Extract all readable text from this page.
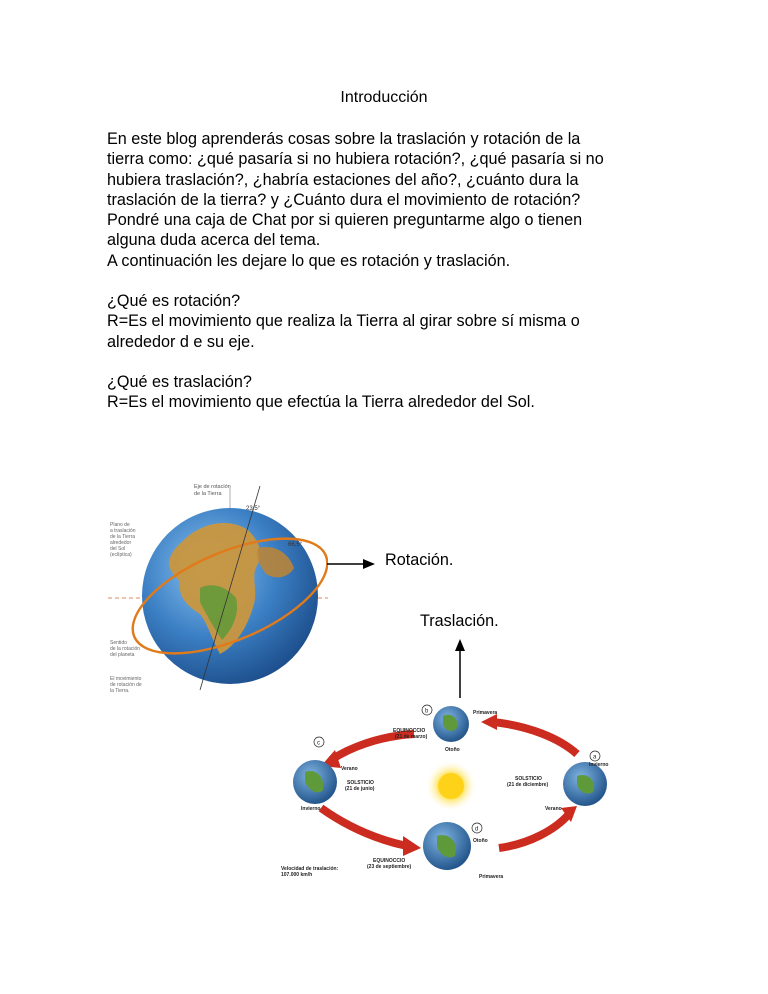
Introducción
En este blog aprenderás cosas sobre la traslación y rotación de la
tierra como: ¿qué pasaría si no hubiera rotación?, ¿qué pasaría si no
hubiera traslación?, ¿habría estaciones del año?, ¿cuánto dura la
traslación de la tierra? y ¿Cuánto dura el movimiento de rotación?
Pondré una caja de Chat por si quieren preguntarme algo o tienen
alguna duda acerca del tema.
A continuación les dejare lo que es rotación y traslación.
¿Qué es rotación?
R=Es el movimiento que realiza la Tierra al girar sobre sí misma o
alrededor d e su eje.
¿Qué es traslación?
R=Es el movimiento que efectúa la Tierra alrededor del Sol.
Eje de rotación
de la Tierra
23,5°
66,5°
Plano de
a traslación
de la Tierra
alrededor
del Sol
(eclíptica)
Sentido
de la rotación
del planeta
El movimiento
de rotación de
la Tierra.
Rotación.
Traslación.
b
c
a
d
EQUINOCCIO
(21 de marzo)
Primavera
Otoño
Verano
SOLSTICIO
(21 de junio)
Invierno
SOLSTICIO
(21 de diciembre)
Invierno
Verano
Otoño
EQUINOCCIO
(23 de septiembre)
Primavera
Velocidad de traslación:
107.000 km/h
